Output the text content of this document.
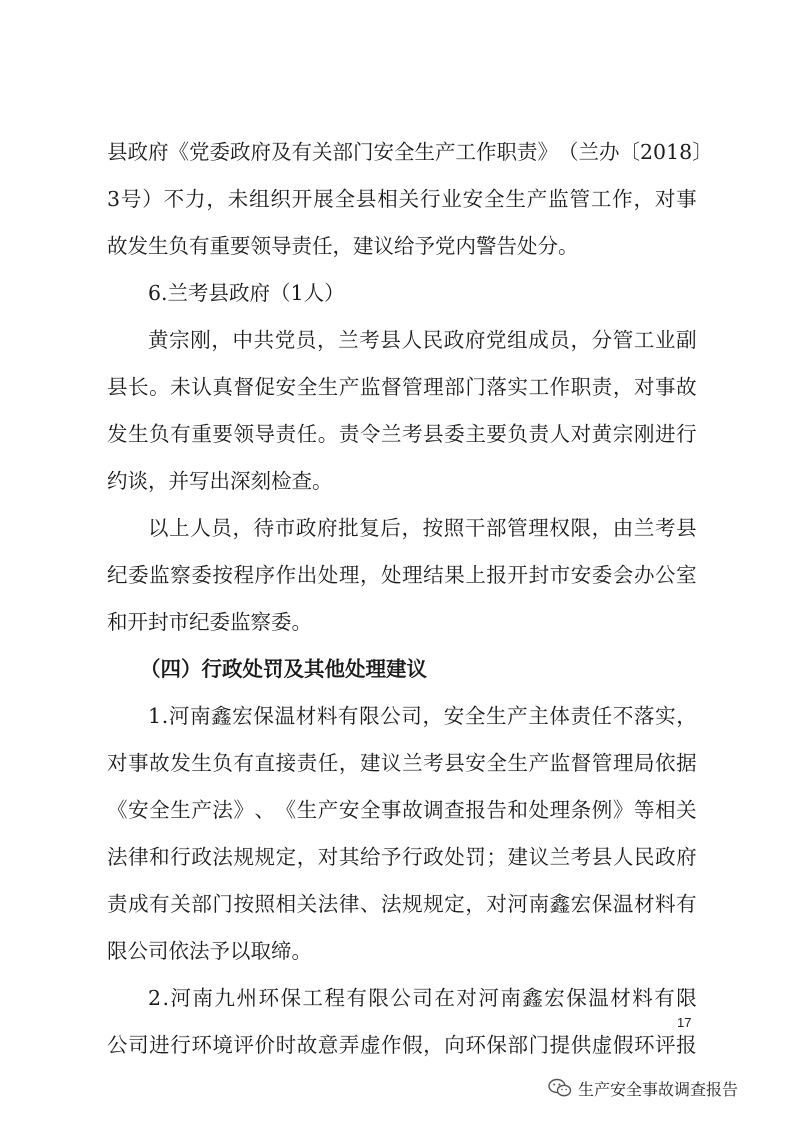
县 政 府 《 党 委 政 府 及 有 关 部 门 安 全 生 产 工 作 职 责 》 （ 兰 办 〔 2 0 1 8 〕
3 号 ） 不 力 ， 未 组 织 开 展 全 县 相 关 行 业 安 全 生 产 监 管 工 作 ， 对 事
故发生负有重要领导责任，建议给予党内警告处分。
6.兰考县政府（1人）
黄 宗 刚 ， 中 共 党 员 ， 兰 考 县 人 民 政 府 党 组 成 员 ， 分 管 工 业 副
县 长 。 未 认 真 督 促 安 全 生 产 监 督 管 理 部 门 落 实 工 作 职 责 ， 对 事 故
发 生 负 有 重 要 领 导 责 任 。 责 令 兰 考 县 委 主 要 负 责 人 对 黄 宗 刚 进 行
约谈，并写出深刻检查。
以 上 人 员 ， 待 市 政 府 批 复 后 ， 按 照 干 部 管 理 权 限 ， 由 兰 考 县
纪 委 监 察 委 按 程 序 作 出 处 理 ， 处 理 结 果 上 报 开 封 市 安 委 会 办 公 室
和开封市纪委监察委。
（四）行政处罚及其他处理建议
1 . 河 南 鑫 宏 保 温 材 料 有 限 公 司 ， 安 全 生 产 主 体 责 任 不 落 实 ，
对 事 故 发 生 负 有 直 接 责 任 ， 建 议 兰 考 县 安 全 生 产 监 督 管 理 局 依 据
《 安 全 生 产 法 》 、 《 生 产 安 全 事 故 调 查 报 告 和 处 理 条 例 》 等 相 关
法 律 和 行 政 法 规 规 定 ， 对 其 给 予 行 政 处 罚 ； 建 议 兰 考 县 人 民 政 府
责 成 有 关 部 门 按 照 相 关 法 律 、 法 规 规 定 ， 对 河 南 鑫 宏 保 温 材 料 有
限公司依法予以取缔。
2 . 河 南 九 州 环 保 工 程 有 限 公 司 在 对 河 南 鑫 宏 保 温 材 料 有 限
公 司 进 行 环 境 评 价 时 故 意 弄 虚 作 假 ， 向 环 保 部 门 提 供 虚 假 环 评 报
17
生产安全事故调查报告
